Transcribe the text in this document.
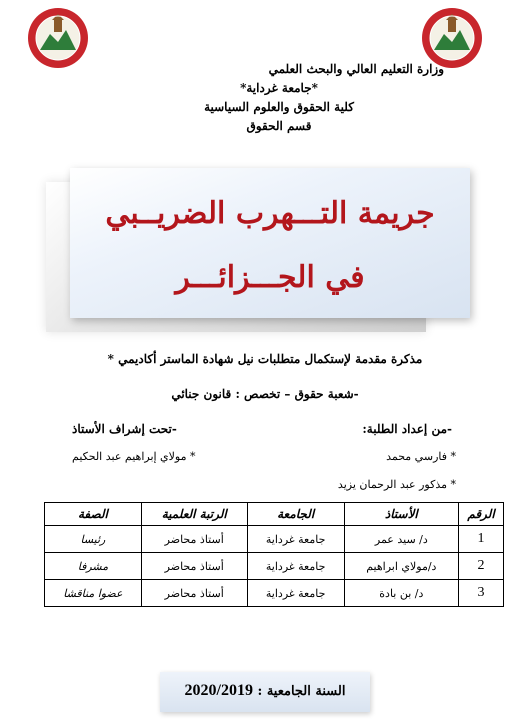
وزارة التعليم العالي والبحث العلمي
*جامعة غرداية*
كلية الحقوق والعلوم السياسية
قسم الحقوق
جريمة التـــهرب الضريــبي
في الجـــزائـــر
مذكرة مقدمة لإستكمال متطلبات نيل شهادة الماستر أكاديمي *
-شعبة حقوق – تخصص : قانون جنائي
-من إعداد الطلبة:
-تحت إشراف الأستاذ
* فارسي محمد
* مذكور عبد الرحمان يزيد
* مولاي إبراهيم عبد الحكيم
الرقم	الأستاذ	الجامعة	الرتبة العلمية	الصفة
1	د/ سيد عمر	جامعة غرداية	أستاذ محاضر	رئيسا
2	د/مولاي ابراهيم	جامعة غرداية	أستاذ محاضر	مشرفا
3	د/ بن بادة	جامعة غرداية	أستاذ محاضر	عضوا مناقشا
السنة الجامعية : 2020/2019
